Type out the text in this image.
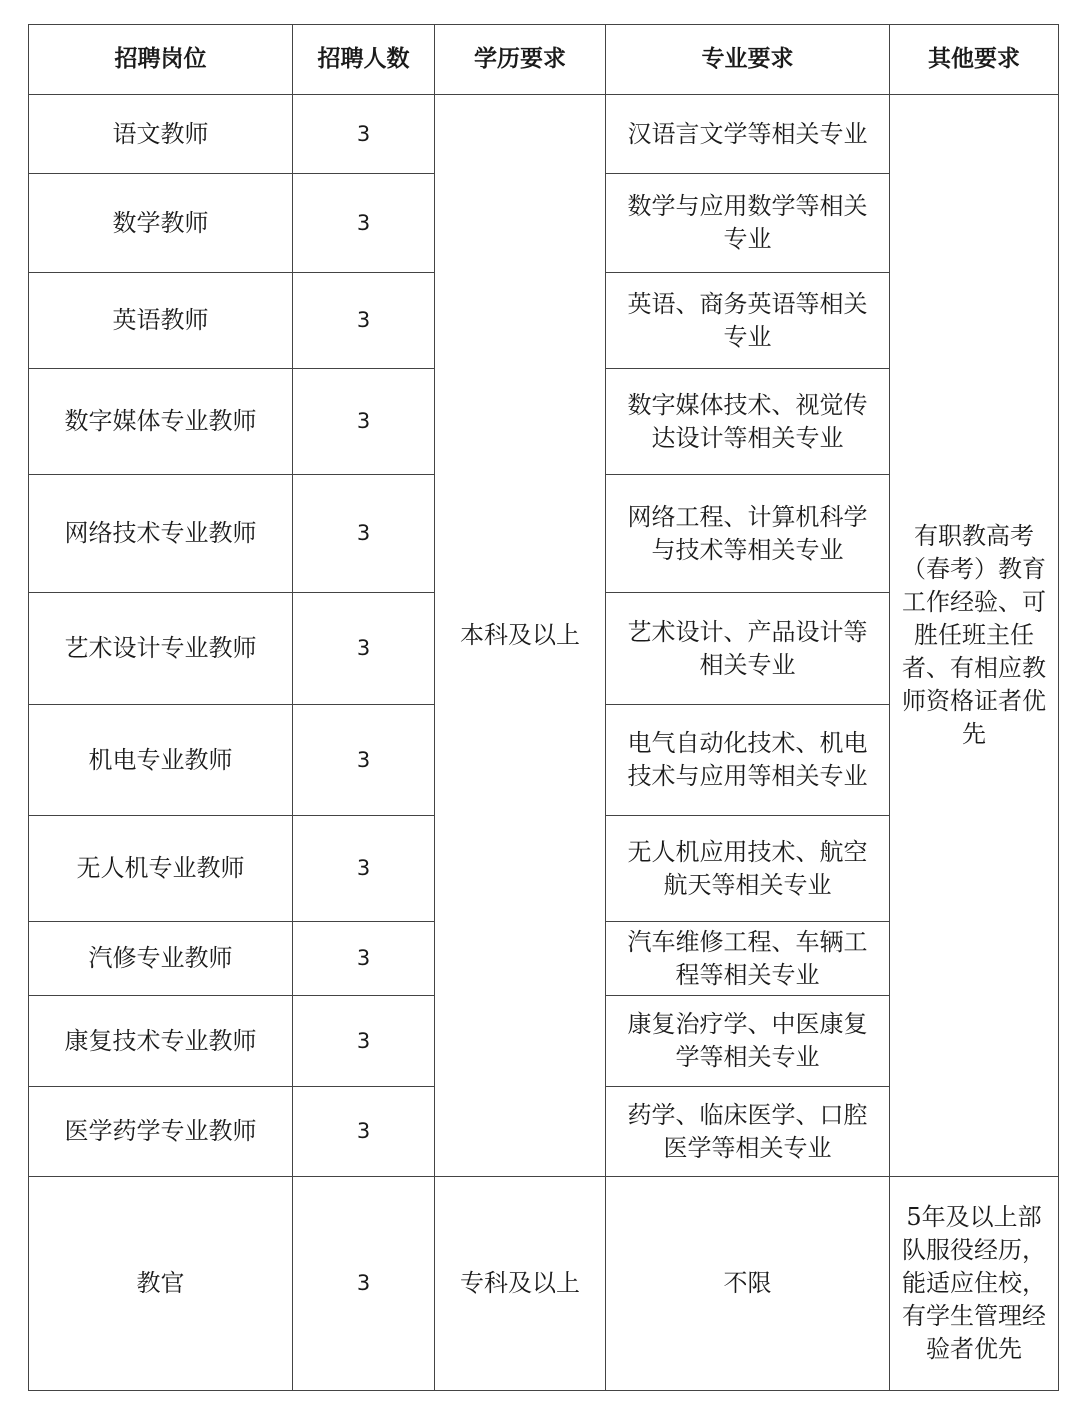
招聘岗位	招聘人数	学历要求	专业要求	其他要求
语文教师	3	本科及以上	汉语言文学等相关专业	有职教高考（春考）教育工作经验、可胜任班主任者、有相应教师资格证者优先
数学教师	3		数学与应用数学等相关专业	
英语教师	3		英语、商务英语等相关专业	
数字媒体专业教师	3		数字媒体技术、视觉传达设计等相关专业	
网络技术专业教师	3		网络工程、计算机科学与技术等相关专业	
艺术设计专业教师	3		艺术设计、产品设计等相关专业	
机电专业教师	3		电气自动化技术、机电技术与应用等相关专业	
无人机专业教师	3		无人机应用技术、航空航天等相关专业	
汽修专业教师	3		汽车维修工程、车辆工程等相关专业	
康复技术专业教师	3		康复治疗学、中医康复学等相关专业	
医学药学专业教师	3		药学、临床医学、口腔医学等相关专业	
教官	3	专科及以上	不限	5年及以上部队服役经历，能适应住校，有学生管理经验者优先
